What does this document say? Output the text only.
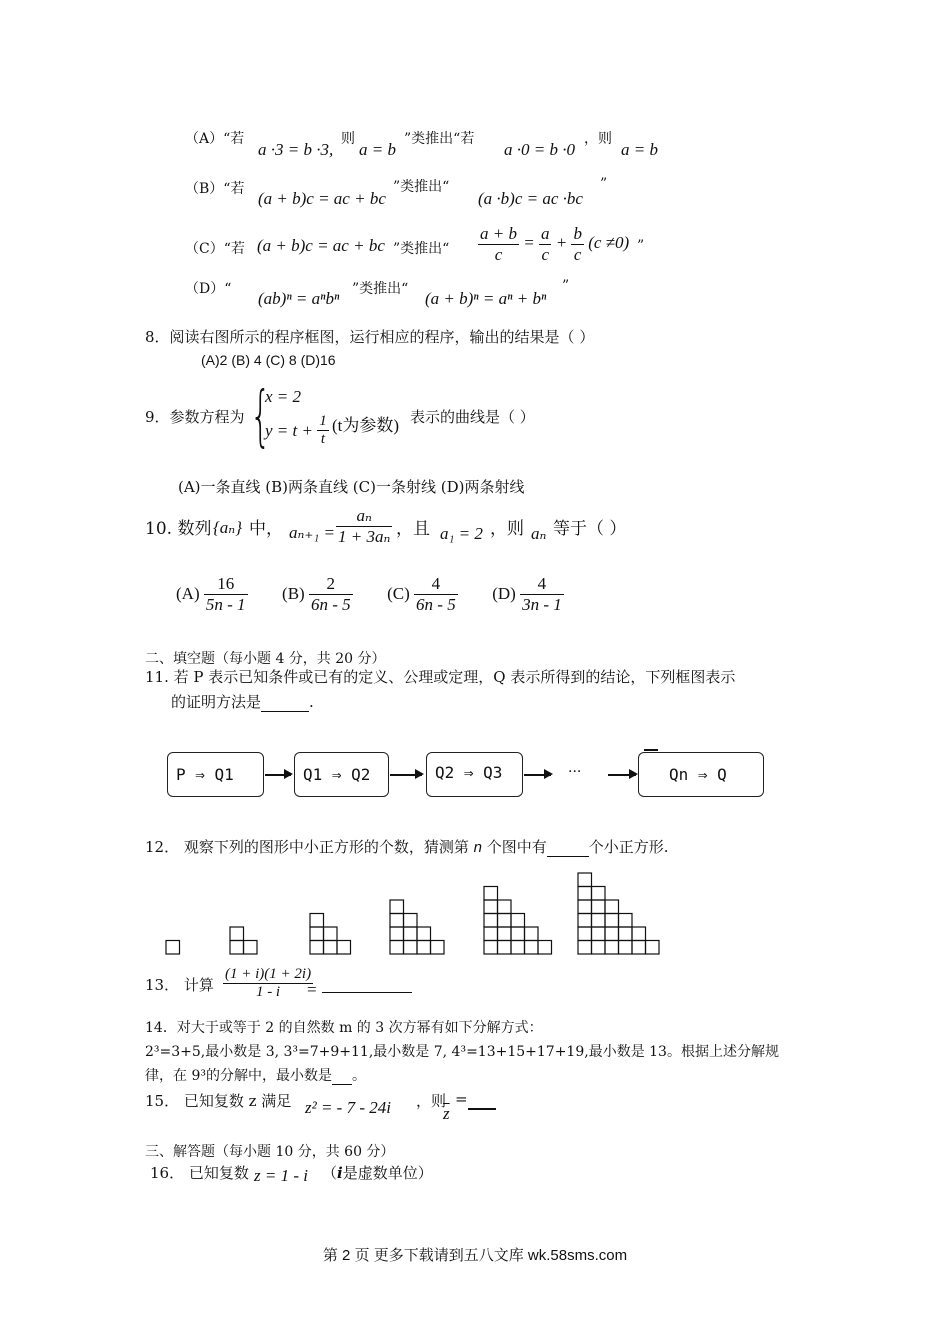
（A）“若
a ·3 = b ·3,
则
a = b
”类推出“若
a ·0 = b ·0
，则
a = b
（B）“若 (a + b)c = ac + bc
”类推出“
(a ·b)c = ac ·bc
”
（C）“若 (a + b)c = ac + bc ”类推出“ $\frac{a + b}{c} = \frac{a}{c} + \frac{b}{c} (c \ne 0)$ ”
（D）“ (ab)ⁿ = aⁿbⁿ ”类推出“ (a + b)ⁿ = aⁿ + bⁿ
”
8．阅读右图所示的程序框图，运行相应的程序，输出的结果是（ ）
(A)2 (B) 4 (C) 8 (D)16
9．参数方程为 {
x = 2
$y = t + \frac{1}{t} (t$为参数) 表示的曲线是（ ）
(A)一条直线 (B)两条直线 (C)一条射线 (D)两条射线
10. 数列 {aₙ} 中， $a_{n+1} = \frac{\text{aₙ}}{\text{1 + 3aₙ}}$ ，且 a₁ = 2 ，则 aₙ 等于（ ）
$(A) \frac{16}{5n - 1} (B) \frac{2}{6n - 5} (C) \frac{4}{6n - 5} (D) \frac{4}{3n - 1}$
二、填空题（每小题 4 分，共 20 分）
11. 若 P 表示已知条件或已有的定义、公理或定理，Q 表示所得到的结论，下列框图表示
的证明方法是	.
P ⇒ Q1	Q1 ⇒ Q2	Q2 ⇒ Q3	···	Qn ⇒ Q
12． 观察下列的图形中小正方形的个数，猜测第 n 个图中有	个小正方形.
13． 计算 $\frac{(1 + i)(1 + 2i)}{1 - i}$
=
14．对大于或等于 2 的自然数 m 的 3 次方幂有如下分解方式：
2³=3+5,最小数是 3, 3³=7+9+11,最小数是 7, 4³=13+15+17+19,最小数是 13。根据上述分解规
律，在 9³的分解中，最小数是 。
15． 已知复数 z 满足 z² = - 7 - 24i ，则
$\overline{z}$
=
三、解答题（每小题 10 分，共 60 分）
16． 已知复数 z = 1 - i （i是虚数单位）
第 2 页 更多下载请到五八文库 wk.58sms.com
